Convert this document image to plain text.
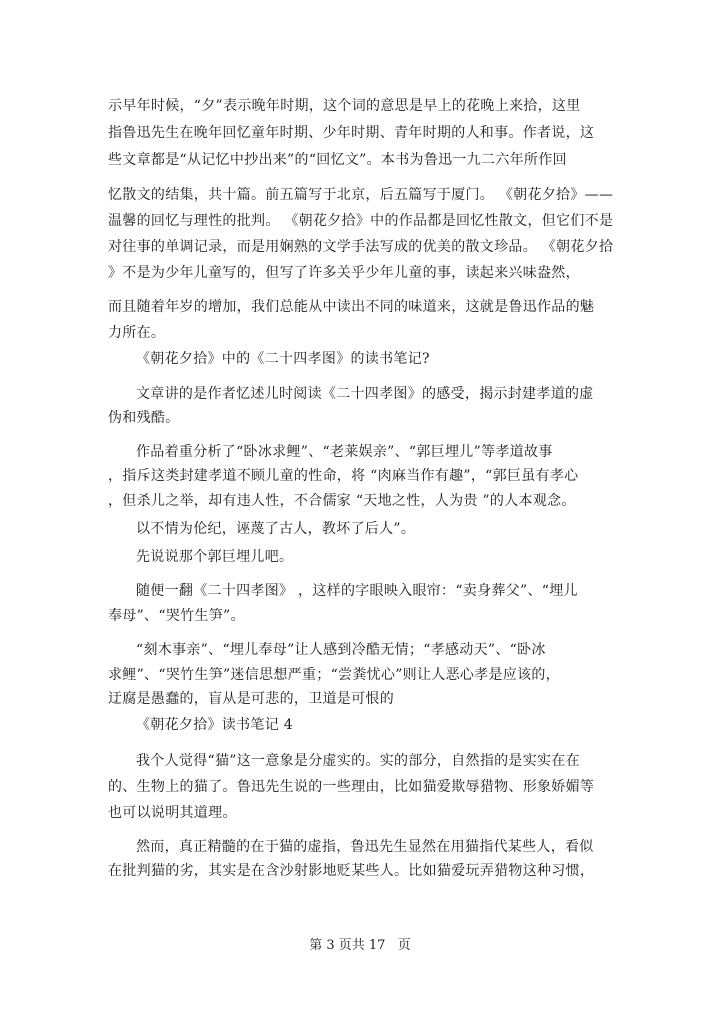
示早年时候，“夕”表示晚年时期，这个词的意思是早上的花晚上来拾，这里
指鲁迅先生在晚年回忆童年时期、少年时期、青年时期的人和事。作者说，这
些文章都是“从记忆中抄出来”的“回忆文”。本书为鲁迅一九二六年所作回
忆散文的结集，共十篇。前五篇写于北京，后五篇写于厦门。 《朝花夕拾》——
温馨的回忆与理性的批判。 《朝花夕拾》中的作品都是回忆性散文，但它们不是
对往事的单调记录，而是用娴熟的文学手法写成的优美的散文珍品。 《朝花夕拾
》不是为少年儿童写的，但写了许多关乎少年儿童的事，读起来兴味盎然，
而且随着年岁的增加，我们总能从中读出不同的味道来，这就是鲁迅作品的魅
力所在。
《朝花夕拾》中的《二十四孝图》的读书笔记?
文章讲的是作者忆述儿时阅读《二十四孝图》的感受，揭示封建孝道的虚
伪和残酷。
作品着重分析了“卧冰求鲤”、“老莱娱亲”、“郭巨埋儿”等孝道故事
，指斥这类封建孝道不顾儿童的性命，将 “肉麻当作有趣”，“郭巨虽有孝心
，但杀儿之举，却有违人性，不合儒家 “天地之性，人为贵 ”的人本观念。
以不情为伦纪，诬蔑了古人，教坏了后人”。
先说说那个郭巨埋儿吧。
随便一翻《二十四孝图》 ，这样的字眼映入眼帘：“卖身葬父”、“埋儿
奉母”、“哭竹生笋”。
“刻木事亲”、“埋儿奉母”让人感到冷酷无情；“孝感动天”、“卧冰
求鲤”、“哭竹生笋”迷信思想严重；“尝粪忧心”则让人恶心孝是应该的，
迂腐是愚蠢的，盲从是可悲的，卫道是可恨的
《朝花夕拾》读书笔记 4
我个人觉得“猫”这一意象是分虚实的。实的部分，自然指的是实实在在
的、生物上的猫了。鲁迅先生说的一些理由，比如猫爱欺辱猎物、形象娇媚等
也可以说明其道理。
然而，真正精髓的在于猫的虚指，鲁迅先生显然在用猫指代某些人，看似
在批判猫的劣，其实是在含沙射影地贬某些人。比如猫爱玩弄猎物这种习惯，
第 3 页共 17   页
